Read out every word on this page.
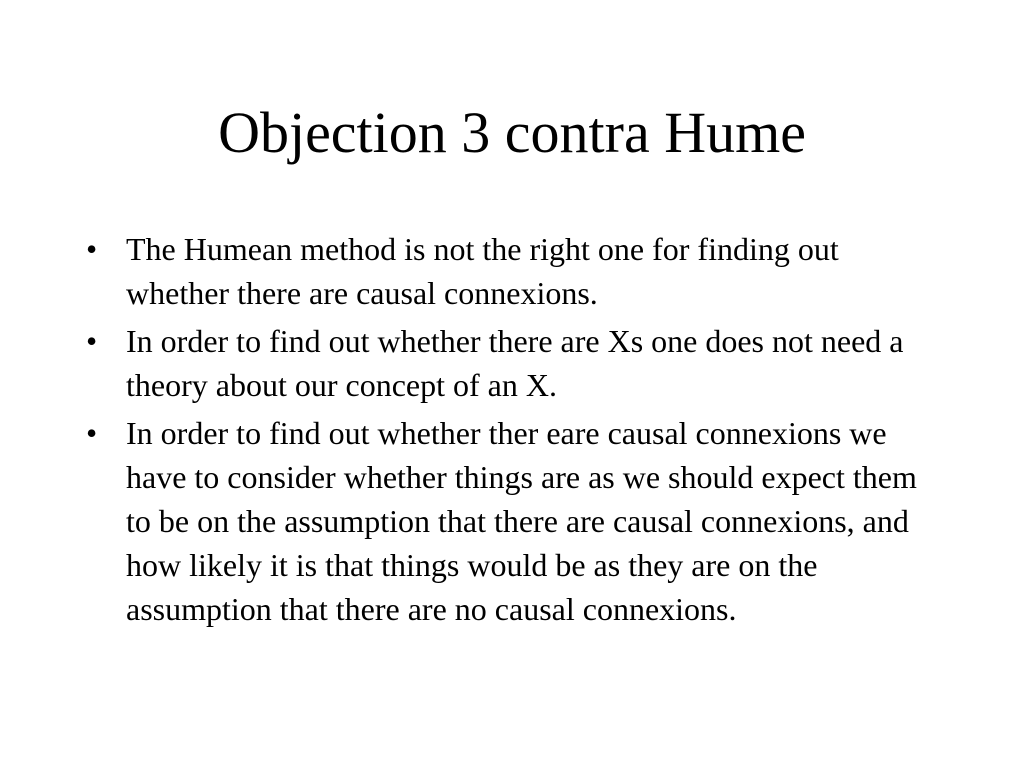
Objection 3 contra Hume
• The Humean method is not the right one for finding out whether there are causal connexions.
• In order to find out whether there are Xs one does not need a theory about our concept of an X.
• In order to find out whether ther eare causal connexions we have to consider whether things are as we should expect them to be on the assumption that there are causal connexions, and how likely it is that things would be as they are on the assumption that there are no causal connexions.
